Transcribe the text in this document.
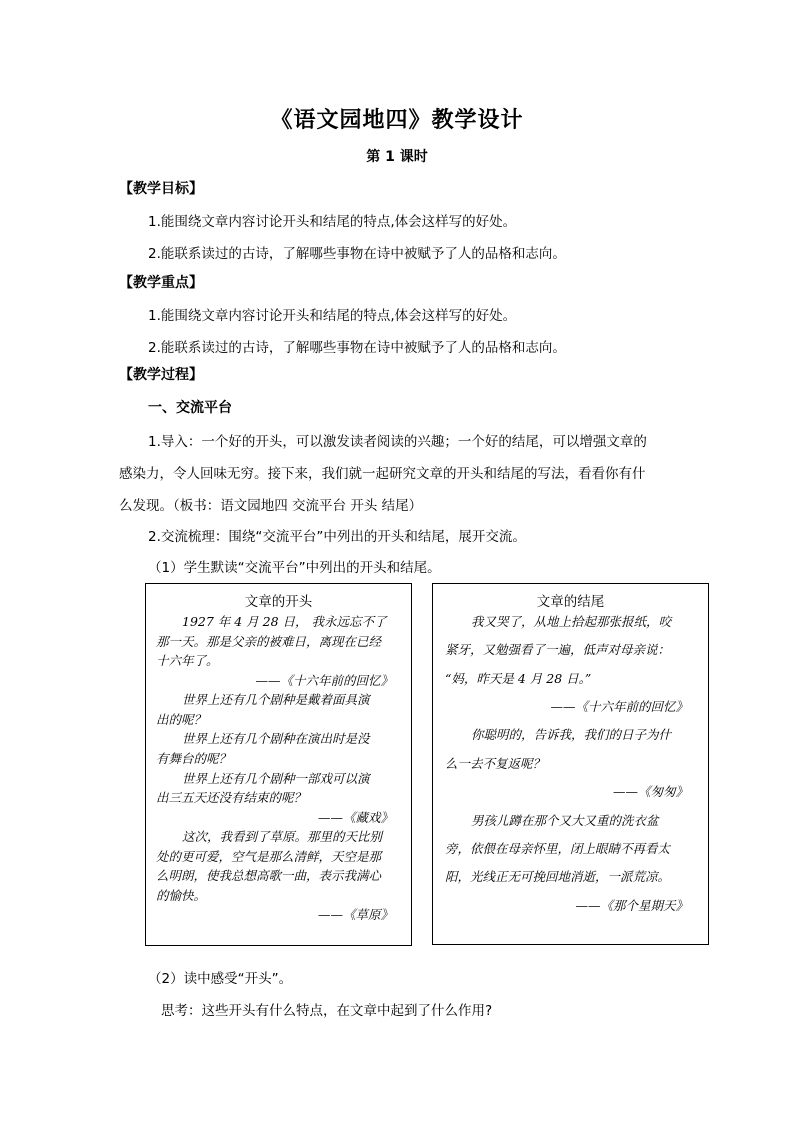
《语文园地四》教学设计
第 1 课时
【教学目标】
1.能围绕文章内容讨论开头和结尾的特点,体会这样写的好处。
2.能联系读过的古诗，了解哪些事物在诗中被赋予了人的品格和志向。
【教学重点】
1.能围绕文章内容讨论开头和结尾的特点,体会这样写的好处。
2.能联系读过的古诗，了解哪些事物在诗中被赋予了人的品格和志向。
【教学过程】
一、交流平台
1.导入：一个好的开头，可以激发读者阅读的兴趣；一个好的结尾，可以增强文章的
感染力，令人回味无穷。接下来，我们就一起研究文章的开头和结尾的写法，看看你有什
么发现。（板书：语文园地四 交流平台 开头 结尾）
2.交流梳理：围绕“交流平台”中列出的开头和结尾，展开交流。
（1）学生默读“交流平台”中列出的开头和结尾。
文章的开头
1927 年 4 月 28 日， 我永远忘不了
那一天。那是父亲的被难日，离现在已经
十六年了。
——《十六年前的回忆》
世界上还有几个剧种是戴着面具演
出的呢？
世界上还有几个剧种在演出时是没
有舞台的呢？
世界上还有几个剧种一部戏可以演
出三五天还没有结束的呢？
——《藏戏》
这次，我看到了草原。那里的天比别
处的更可爱，空气是那么清鲜，天空是那
么明朗，使我总想高歌一曲，表示我满心
的愉快。
——《草原》
文章的结尾
我又哭了，从地上拾起那张报纸，咬
紧牙，又勉强看了一遍，低声对母亲说：
“妈，昨天是 4 月 28 日。”
——《十六年前的回忆》
你聪明的，告诉我，我们的日子为什
么一去不复返呢？
——《匆匆》
男孩儿蹲在那个又大又重的洗衣盆
旁，依偎在母亲怀里，闭上眼睛不再看太
阳，光线正无可挽回地消逝，一派荒凉。
——《那个星期天》
（2）读中感受“开头”。
思考：这些开头有什么特点，在文章中起到了什么作用?
